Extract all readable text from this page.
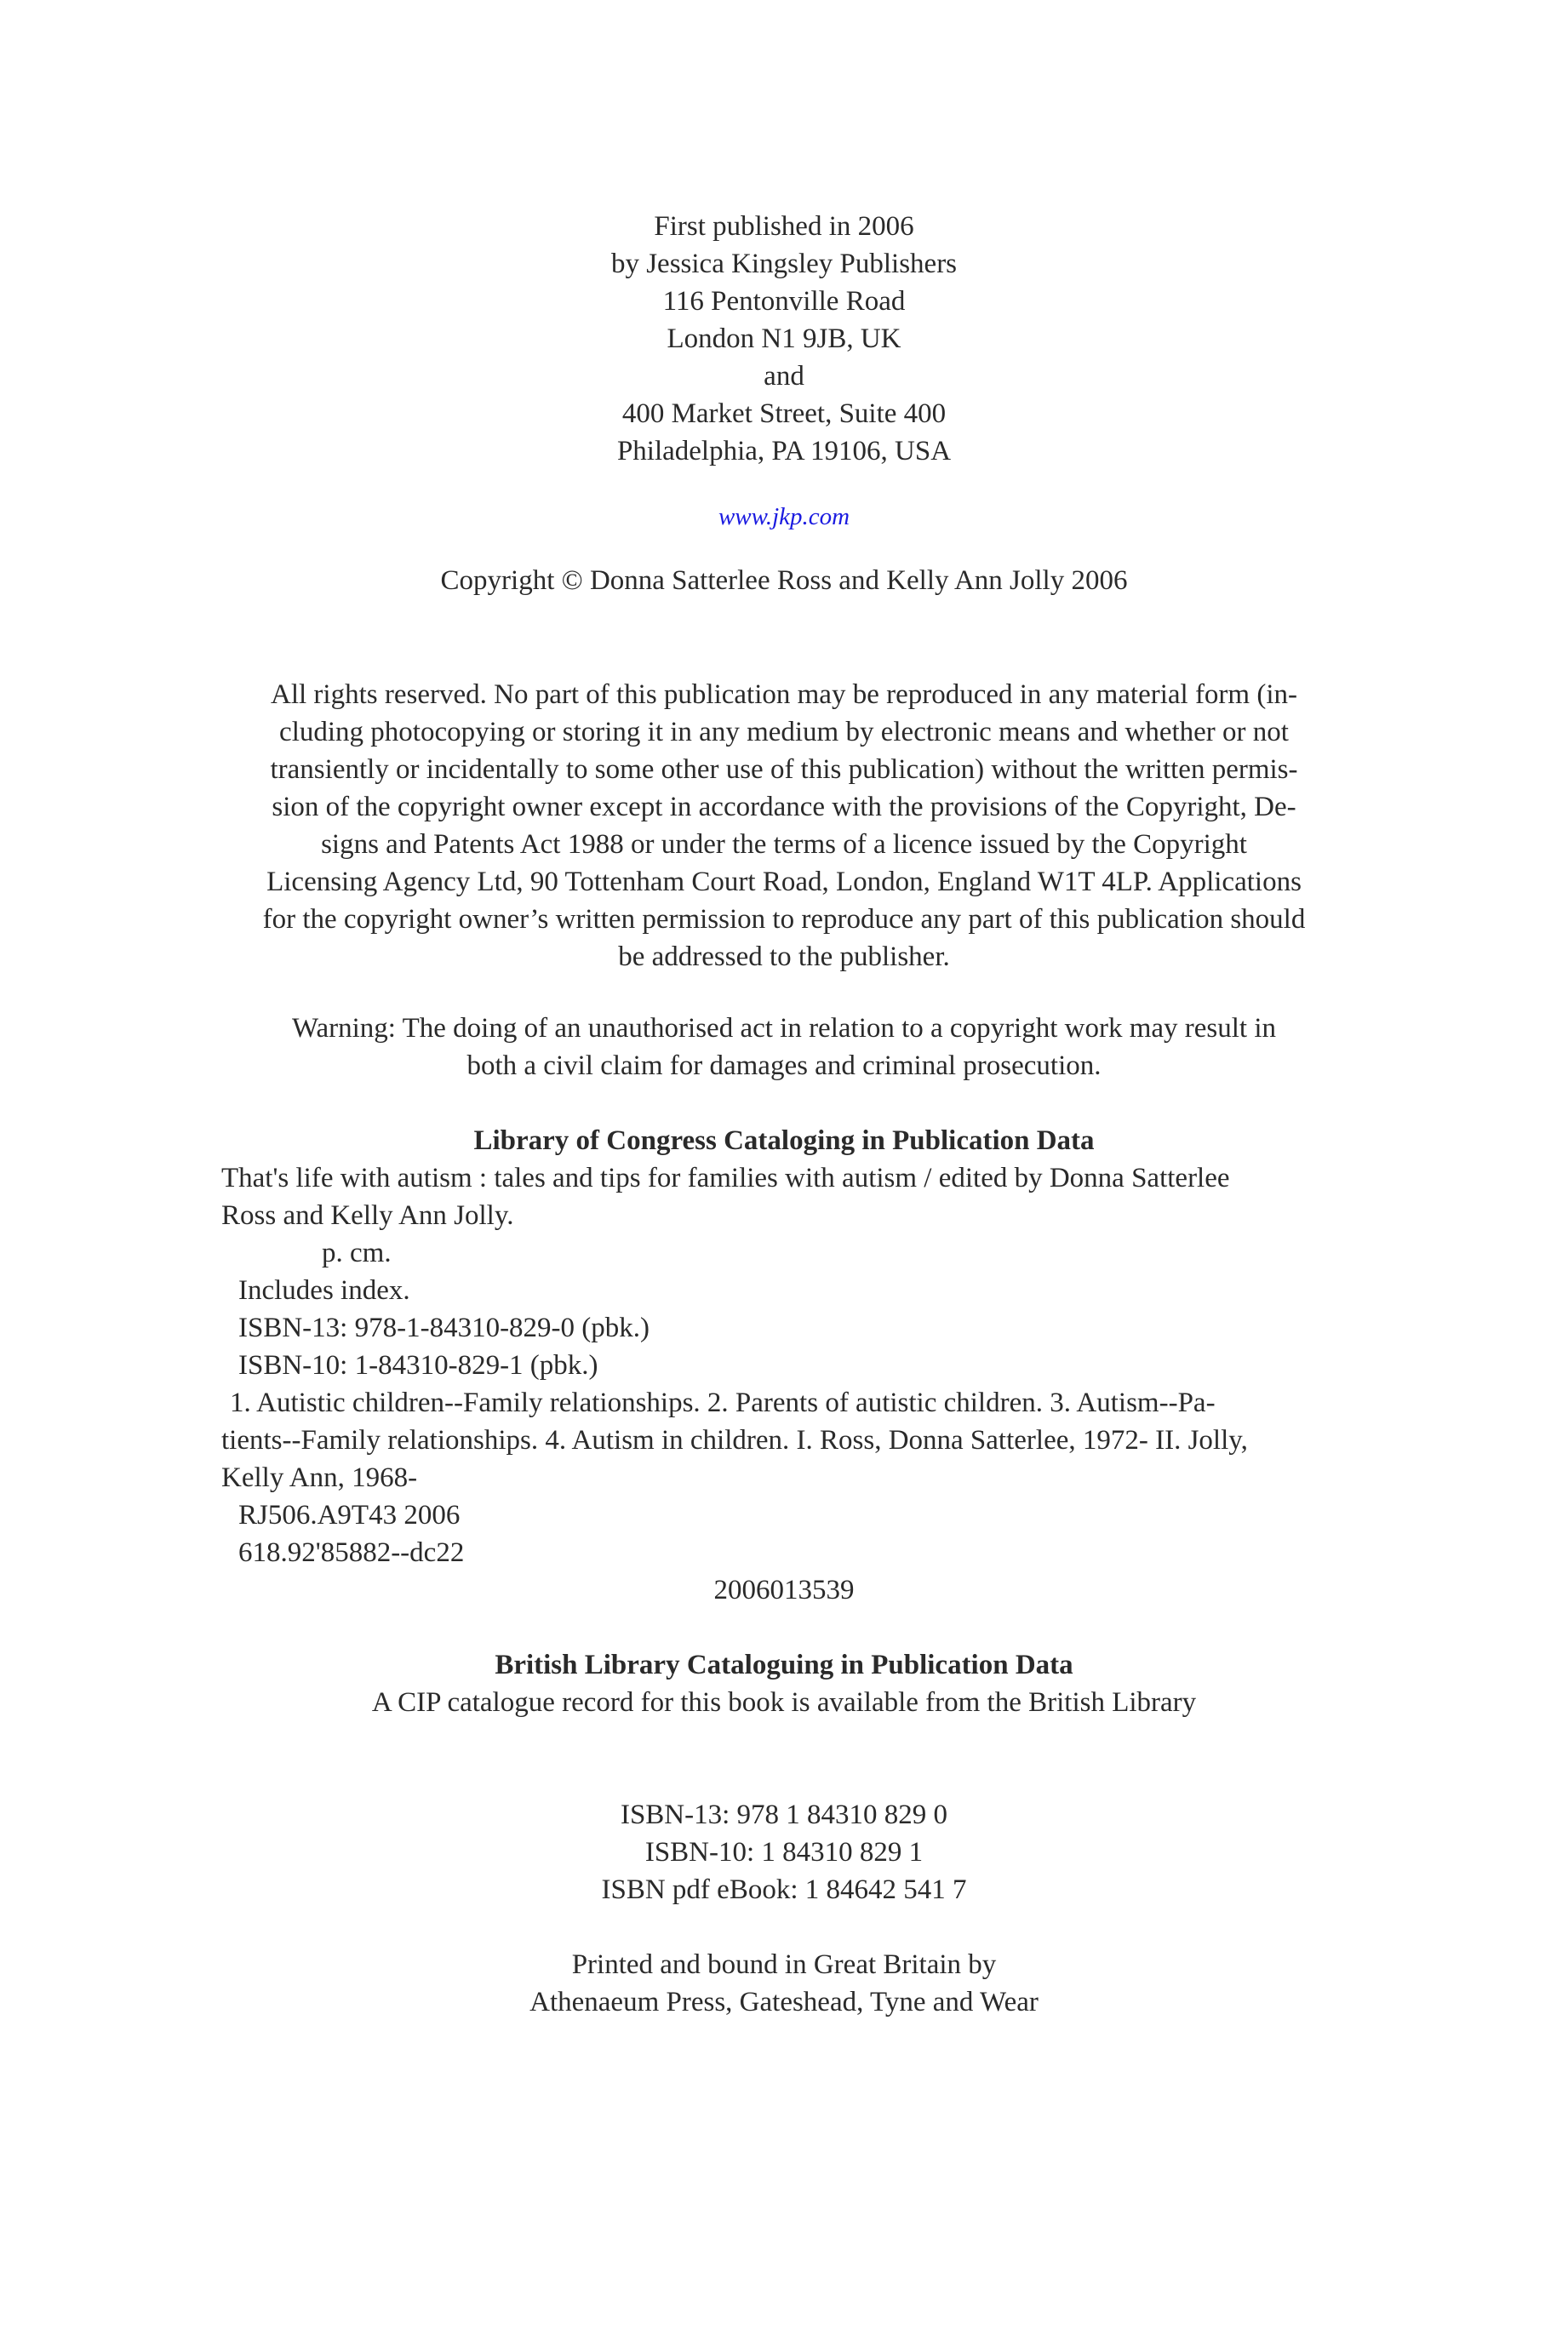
First published in 2006
by Jessica Kingsley Publishers
116 Pentonville Road
London N1 9JB, UK
and
400 Market Street, Suite 400
Philadelphia, PA 19106, USA
www.jkp.com
Copyright © Donna Satterlee Ross and Kelly Ann Jolly 2006
All rights reserved. No part of this publication may be reproduced in any material form (in-
cluding photocopying or storing it in any medium by electronic means and whether or not
transiently or incidentally to some other use of this publication) without the written permis-
sion of the copyright owner except in accordance with the provisions of the Copyright, De-
signs and Patents Act 1988 or under the terms of a licence issued by the Copyright
Licensing Agency Ltd, 90 Tottenham Court Road, London, England W1T 4LP. Applications
for the copyright owner’s written permission to reproduce any part of this publication should
be addressed to the publisher.
Warning: The doing of an unauthorised act in relation to a copyright work may result in
both a civil claim for damages and criminal prosecution.
Library of Congress Cataloging in Publication Data
That's life with autism : tales and tips for families with autism / edited by Donna Satterlee
Ross and Kelly Ann Jolly.
p. cm.
Includes index.
ISBN-13: 978-1-84310-829-0 (pbk.)
ISBN-10: 1-84310-829-1 (pbk.)
1. Autistic children--Family relationships. 2. Parents of autistic children. 3. Autism--Pa-
tients--Family relationships. 4. Autism in children. I. Ross, Donna Satterlee, 1972- II. Jolly,
Kelly Ann, 1968-
RJ506.A9T43 2006
618.92'85882--dc22
2006013539
British Library Cataloguing in Publication Data
A CIP catalogue record for this book is available from the British Library
ISBN-13: 978 1 84310 829 0
ISBN-10: 1 84310 829 1
ISBN pdf eBook: 1 84642 541 7
Printed and bound in Great Britain by
Athenaeum Press, Gateshead, Tyne and Wear
